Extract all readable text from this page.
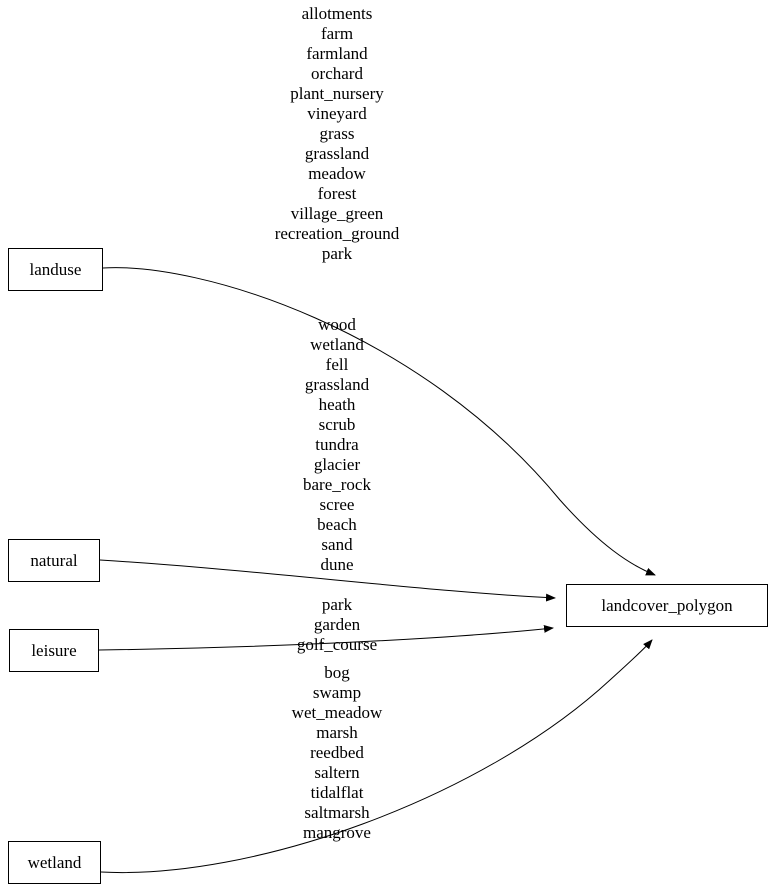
landuse
natural
leisure
wetland
landcover_polygon
allotments
farm
farmland
orchard
plant_nursery
vineyard
grass
grassland
meadow
forest
village_green
recreation_ground
park
wood
wetland
fell
grassland
heath
scrub
tundra
glacier
bare_rock
scree
beach
sand
dune
park
garden
golf_course
bog
swamp
wet_meadow
marsh
reedbed
saltern
tidalflat
saltmarsh
mangrove
